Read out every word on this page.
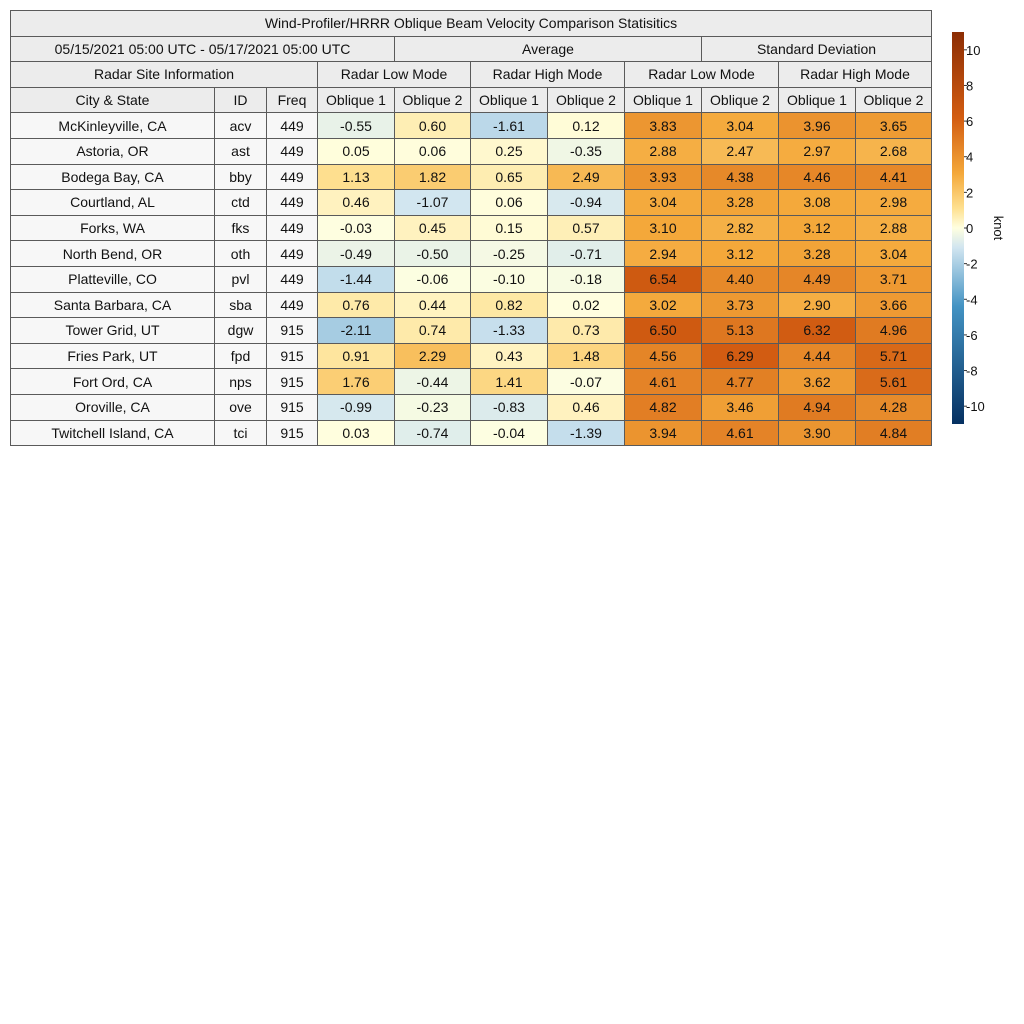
Wind-Profiler/HRRR Oblique Beam Velocity Comparison Statisitics										
05/15/2021 05:00 UTC - 05/17/2021 05:00 UTC				Average				Standard Deviation		
Radar Site Information			Radar Low Mode		Radar High Mode		Radar Low Mode		Radar High Mode	
City & State	ID	Freq	Oblique 1	Oblique 2	Oblique 1	Oblique 2	Oblique 1	Oblique 2	Oblique 1	Oblique 2
McKinleyville, CA	acv	449	-0.55	0.60	-1.61	0.12	3.83	3.04	3.96	3.65
Astoria, OR	ast	449	0.05	0.06	0.25	-0.35	2.88	2.47	2.97	2.68
Bodega Bay, CA	bby	449	1.13	1.82	0.65	2.49	3.93	4.38	4.46	4.41
Courtland, AL	ctd	449	0.46	-1.07	0.06	-0.94	3.04	3.28	3.08	2.98
Forks, WA	fks	449	-0.03	0.45	0.15	0.57	3.10	2.82	3.12	2.88
North Bend, OR	oth	449	-0.49	-0.50	-0.25	-0.71	2.94	3.12	3.28	3.04
Platteville, CO	pvl	449	-1.44	-0.06	-0.10	-0.18	6.54	4.40	4.49	3.71
Santa Barbara, CA	sba	449	0.76	0.44	0.82	0.02	3.02	3.73	2.90	3.66
Tower Grid, UT	dgw	915	-2.11	0.74	-1.33	0.73	6.50	5.13	6.32	4.96
Fries Park, UT	fpd	915	0.91	2.29	0.43	1.48	4.56	6.29	4.44	5.71
Fort Ord, CA	nps	915	1.76	-0.44	1.41	-0.07	4.61	4.77	3.62	5.61
Oroville, CA	ove	915	-0.99	-0.23	-0.83	0.46	4.82	3.46	4.94	4.28
Twitchell Island, CA	tci	915	0.03	-0.74	-0.04	-1.39	3.94	4.61	3.90	4.84
10
8
6
4
2
0
-2
-4
-6
-8
-10
knot
